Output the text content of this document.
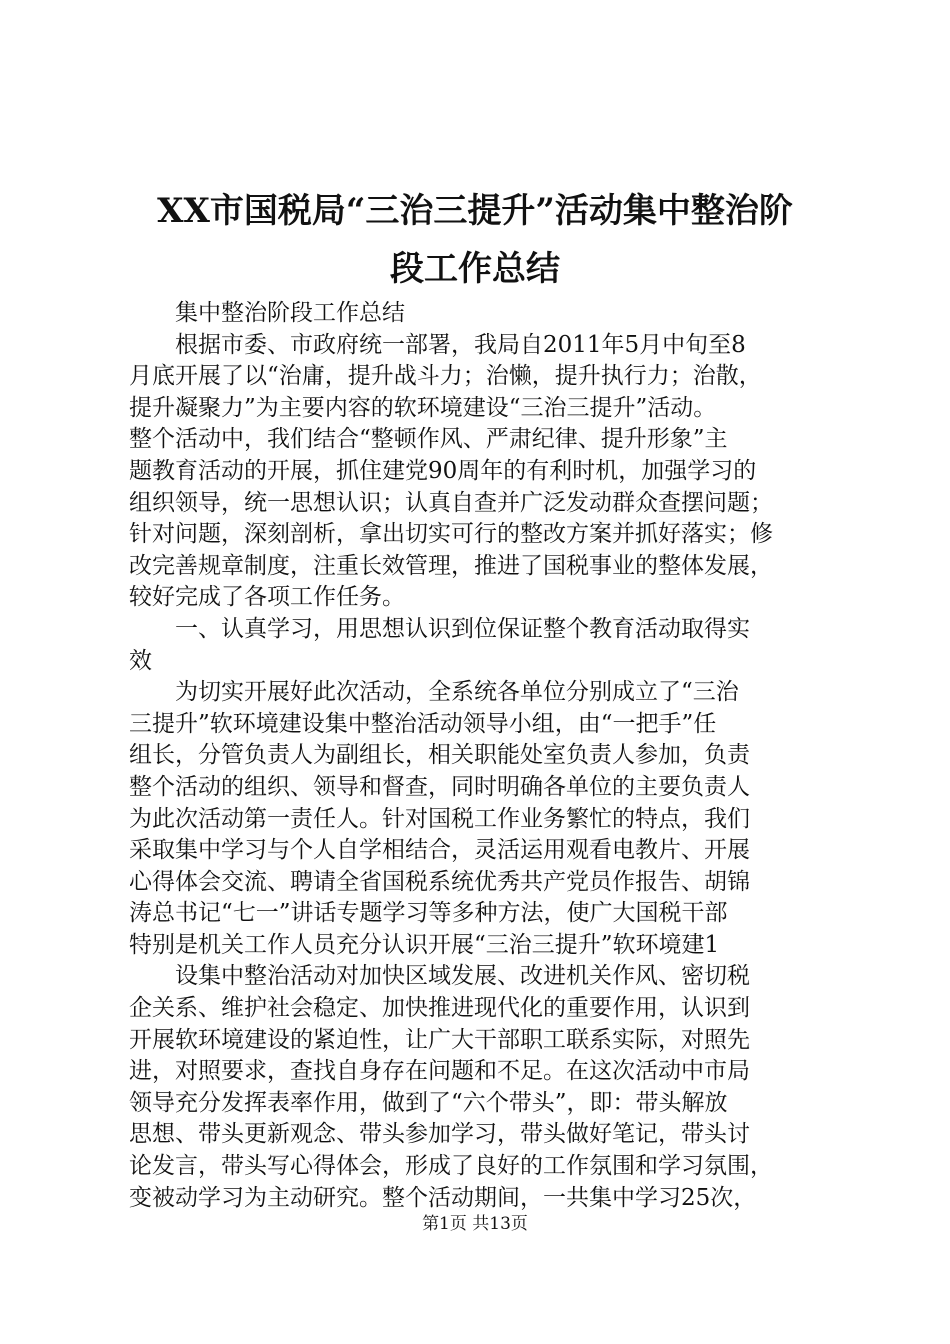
XX市国税局“三治三提升”活动集中整治阶
段工作总结
　　集中整治阶段工作总结
　　根据市委、市政府统一部署，我局自2011年5月中旬至8
月底开展了以“治庸，提升战斗力；治懒，提升执行力；治散，
提升凝聚力”为主要内容的软环境建设“三治三提升”活动。
整个活动中，我们结合“整顿作风、严肃纪律、提升形象”主
题教育活动的开展，抓住建党90周年的有利时机，加强学习的
组织领导，统一思想认识；认真自查并广泛发动群众查摆问题；
针对问题，深刻剖析，拿出切实可行的整改方案并抓好落实；修
改完善规章制度，注重长效管理，推进了国税事业的整体发展，
较好完成了各项工作任务。
　　一、认真学习，用思想认识到位保证整个教育活动取得实
效
　　为切实开展好此次活动，全系统各单位分别成立了“三治
三提升”软环境建设集中整治活动领导小组，由“一把手”任
组长，分管负责人为副组长，相关职能处室负责人参加，负责
整个活动的组织、领导和督查，同时明确各单位的主要负责人
为此次活动第一责任人。针对国税工作业务繁忙的特点，我们
采取集中学习与个人自学相结合，灵活运用观看电教片、开展
心得体会交流、聘请全省国税系统优秀共产党员作报告、胡锦
涛总书记“七一”讲话专题学习等多种方法，使广大国税干部
特别是机关工作人员充分认识开展“三治三提升”软环境建1
　　设集中整治活动对加快区域发展、改进机关作风、密切税
企关系、维护社会稳定、加快推进现代化的重要作用，认识到
开展软环境建设的紧迫性，让广大干部职工联系实际，对照先
进，对照要求，查找自身存在问题和不足。在这次活动中市局
领导充分发挥表率作用，做到了“六个带头”，即：带头解放
思想、带头更新观念、带头参加学习，带头做好笔记，带头讨
论发言，带头写心得体会，形成了良好的工作氛围和学习氛围，
变被动学习为主动研究。整个活动期间，一共集中学习25次，
第1页 共13页
